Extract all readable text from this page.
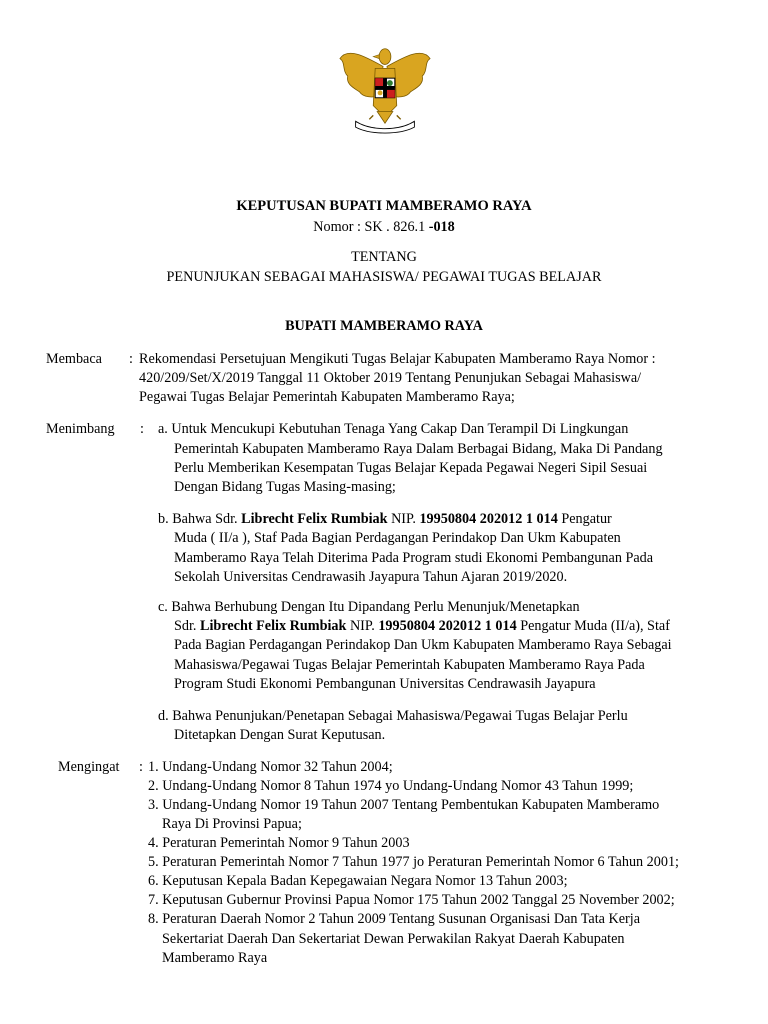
KEPUTUSAN BUPATI MAMBERAMO RAYA
Nomor : SK . 826.1 -018
TENTANG
PENUNJUKAN SEBAGAI MAHASISWA/ PEGAWAI TUGAS BELAJAR
BUPATI MAMBERAMO RAYA
Membaca : Rekomendasi Persetujuan Mengikuti Tugas Belajar Kabupaten Mamberamo Raya Nomor :
420/209/Set/X/2019 Tanggal 11 Oktober 2019 Tentang Penunjukan Sebagai Mahasiswa/
Pegawai Tugas Belajar Pemerintah Kabupaten Mamberamo Raya;
Menimbang : a. Untuk Mencukupi Kebutuhan Tenaga Yang Cakap Dan Terampil Di Lingkungan
Pemerintah Kabupaten Mamberamo Raya Dalam Berbagai Bidang, Maka Di Pandang
Perlu Memberikan Kesempatan Tugas Belajar Kepada Pegawai Negeri Sipil Sesuai
Dengan Bidang Tugas Masing-masing;
b. Bahwa Sdr. Librecht Felix Rumbiak NIP. 19950804 202012 1 014 Pengatur
Muda ( II/a ), Staf Pada Bagian Perdagangan Perindakop Dan Ukm Kabupaten
Mamberamo Raya Telah Diterima Pada Program studi Ekonomi Pembangunan Pada
Sekolah Universitas Cendrawasih Jayapura Tahun Ajaran 2019/2020.
c. Bahwa Berhubung Dengan Itu Dipandang Perlu Menunjuk/Menetapkan
Sdr. Librecht Felix Rumbiak NIP. 19950804 202012 1 014 Pengatur Muda (II/a), Staf
Pada Bagian Perdagangan Perindakop Dan Ukm Kabupaten Mamberamo Raya Sebagai
Mahasiswa/Pegawai Tugas Belajar Pemerintah Kabupaten Mamberamo Raya Pada
Program Studi Ekonomi Pembangunan Universitas Cendrawasih Jayapura
d. Bahwa Penunjukan/Penetapan Sebagai Mahasiswa/Pegawai Tugas Belajar Perlu
Ditetapkan Dengan Surat Keputusan.
Mengingat : 1. Undang-Undang Nomor 32 Tahun 2004;
2. Undang-Undang Nomor 8 Tahun 1974 yo Undang-Undang Nomor 43 Tahun 1999;
3. Undang-Undang Nomor 19 Tahun 2007 Tentang Pembentukan Kabupaten Mamberamo
Raya Di Provinsi Papua;
4. Peraturan Pemerintah Nomor 9 Tahun 2003
5. Peraturan Pemerintah Nomor 7 Tahun 1977 jo Peraturan Pemerintah Nomor 6 Tahun 2001;
6. Keputusan Kepala Badan Kepegawaian Negara Nomor 13 Tahun 2003;
7. Keputusan Gubernur Provinsi Papua Nomor 175 Tahun 2002 Tanggal 25 November 2002;
8. Peraturan Daerah Nomor 2 Tahun 2009 Tentang Susunan Organisasi Dan Tata Kerja
Sekertariat Daerah Dan Sekertariat Dewan Perwakilan Rakyat Daerah Kabupaten
Mamberamo Raya
